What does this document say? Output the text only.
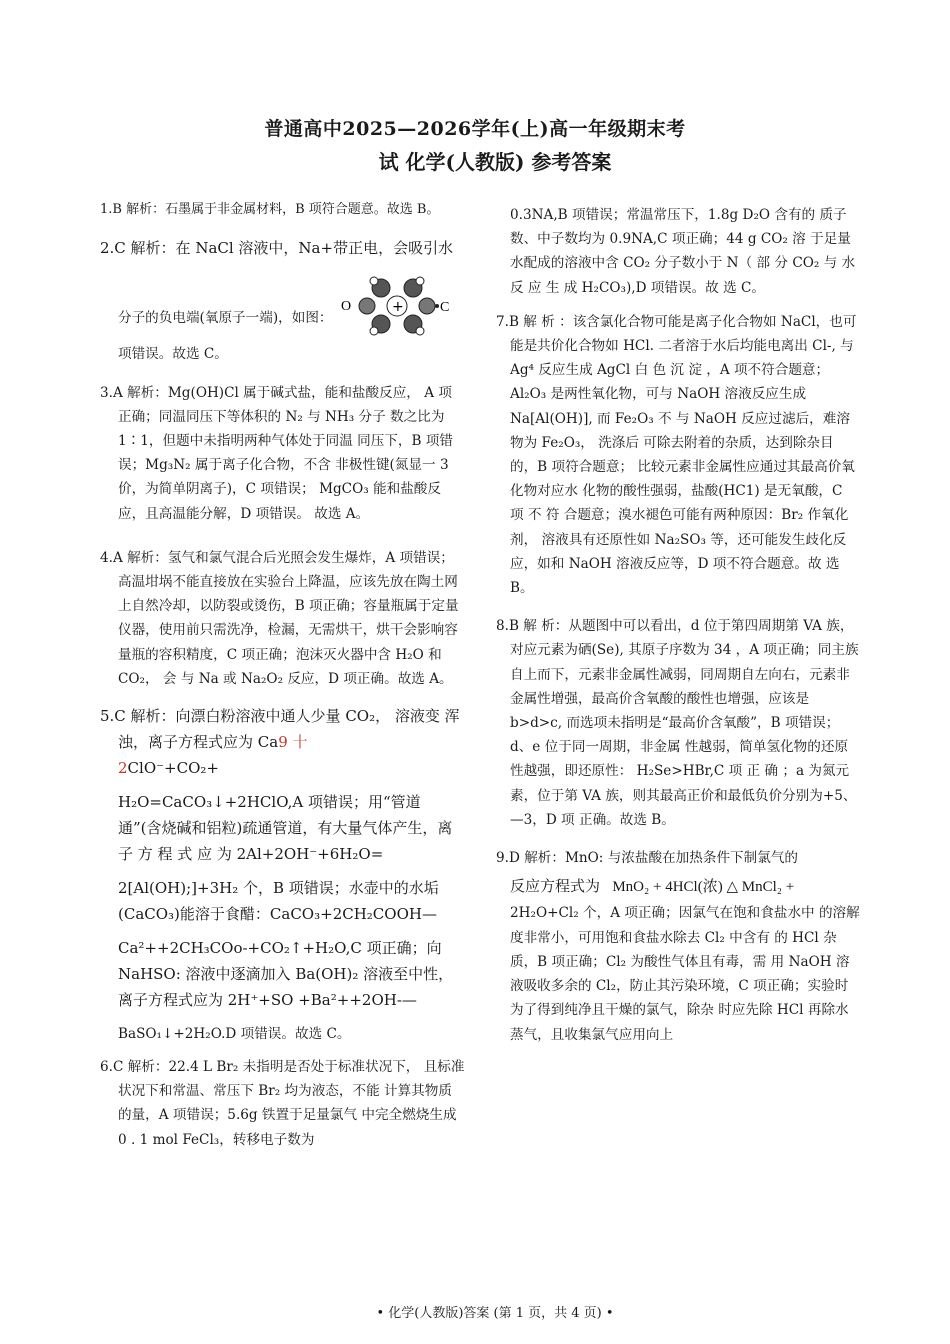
普通高中2025—2026学年(上)高一年级期末考
试 化学(人教版) 参考答案

1.B 解析：石墨属于非金属材料，B 项符合题意。故选 B。

2.C 解析：在 NaCl 溶液中，Na+带正电，会吸引水
分子的负电端(氧原子一端)，如图：
O	+	C

项错误。故选 C。

3.A 解析：Mg(OH)Cl 属于碱式盐，能和盐酸反应， A 项正确；同温同压下等体积的 N₂ 与 NH₃ 分子 数之比为 1∶1，但题中未指明两种气体处于同温 同压下，B 项错误；Mg₃N₂ 属于离子化合物，不含 非极性键(氮显一 3 价，为简单阴离子)，C 项错误； MgCO₃ 能和盐酸反应，且高温能分解，D 项错误。 故选 A。

4.A 解析：氢气和氯气混合后光照会发生爆炸，A 项错误；高温坩埚不能直接放在实验台上降温，应该先放在陶土网上自然冷却，以防裂或烫伤，B 项正确；容量瓶属于定量仪器，使用前只需洗净，检漏，无需烘干，烘干会影响容量瓶的容积精度，C 项正确；泡沫灭火器中含 H₂O 和 CO₂， 会 与 Na 或 Na₂O₂ 反应，D 项正确。故选 A。

5.C 解析：向漂白粉溶液中通人少量 CO₂， 溶液变 浑浊，离子方程式应为 Ca9 十
2ClO⁻+CO₂+
H₂O=CaCO₃↓+2HClO,A 项错误；用“管道 通”(含烧碱和铝粒)疏通管道，有大量气体产生，离 子 方 程 式 应 为 2Al+2OH⁻+6H₂O=
2[Al(OH);]+3H₂ 个，B 项错误；水壶中的水垢 (CaCO₃)能溶于食醋：CaCO₃+2CH₂COOH—
Ca²++2CH₃COo-+CO₂↑+H₂O,C 项正确；向 NaHSO: 溶液中逐滴加入 Ba(OH)₂ 溶液至中性， 离子方程式应为 2H⁺+SO +Ba²++2OH-—
BaSO₁↓+2H₂O.D 项错误。故选 C。

6.C 解析：22.4 L Br₂ 未指明是否处于标准状况下， 且标准状况下和常温、常压下 Br₂ 均为液态，不能 计算其物质的量，A 项错误；5.6g 铁置于足量氯气 中完全燃烧生成 0 . 1 mol FeCl₃，转移电子数为

0.3NA,B 项错误；常温常压下，1.8g D₂O 含有的 质子数、中子数均为 0.9NA,C 项正确；44 g CO₂ 溶 于足量水配成的溶液中含 CO₂ 分子数小于 N（ 部 分 CO₂ 与 水 反 应 生 成 H₂CO₃),D 项错误。故 选 C。

7.B 解 析 ：该含氯化合物可能是离子化合物如 NaCl，也可能是共价化合物如 HCl. 二者溶于水后均能电离出 Cl-, 与 Ag⁴ 反应生成 AgCl 白 色 沉 淀 ，A 项不符合题意；Al₂O₃ 是两性氧化物，可与 NaOH 溶液反应生成 Na[Al(OH)], 而 Fe₂O₃ 不 与 NaOH 反应过滤后，难溶物为 Fe₂O₃， 洗涤后 可除去附着的杂质，达到除杂目的，B 项符合题意； 比较元素非金属性应通过其最高价氧化物对应水 化物的酸性强弱，盐酸(HC1) 是无氧酸，C 项 不 符 合题意；溴水褪色可能有两种原因：Br₂ 作氧化剂， 溶液具有还原性如 Na₂SO₃ 等，还可能发生歧化反 应，如和 NaOH 溶液反应等，D 项不符合题意。故 选 B。

8.B 解 析：从题图中可以看出，d 位于第四周期第 VA 族，对应元素为硒(Se), 其原子序数为 34 ，A 项正确；同主族自上而下，元素非金属性减弱，同周期自左向右，元素非金属性增强，最高价含氧酸的酸性也增强，应该是 b>d>c, 而选项未指明是“最高价含氧酸”，B 项错误；d、e 位于同一周期，非金属 性越弱，简单氢化物的还原性越强，即还原性： H₂Se>HBr,C 项 正 确 ；a 为氮元素，位于第 VA 族，则其最高正价和最低负价分别为+5、—3，D 项 正确。故选 B。

9.D 解析：MnO: 与浓盐酸在加热条件下制氯气的
反应方程式为 MnO₂ + 4HCl(浓) △ MnCl₂ +

2H₂O+Cl₂ 个，A 项正确；因氯气在饱和食盐水中 的溶解度非常小，可用饱和食盐水除去 Cl₂ 中含有 的 HCl 杂质，B 项正确；Cl₂ 为酸性气体且有毒，需 用 NaOH 溶液吸收多余的 Cl₂，防止其污染环境，C 项正确；实验时为了得到纯净且干燥的氯气，除杂 时应先除 HCl 再除水蒸气，且收集氯气应用向上

• 化学(人教版)答案 (第 1 页，共 4 页) •
